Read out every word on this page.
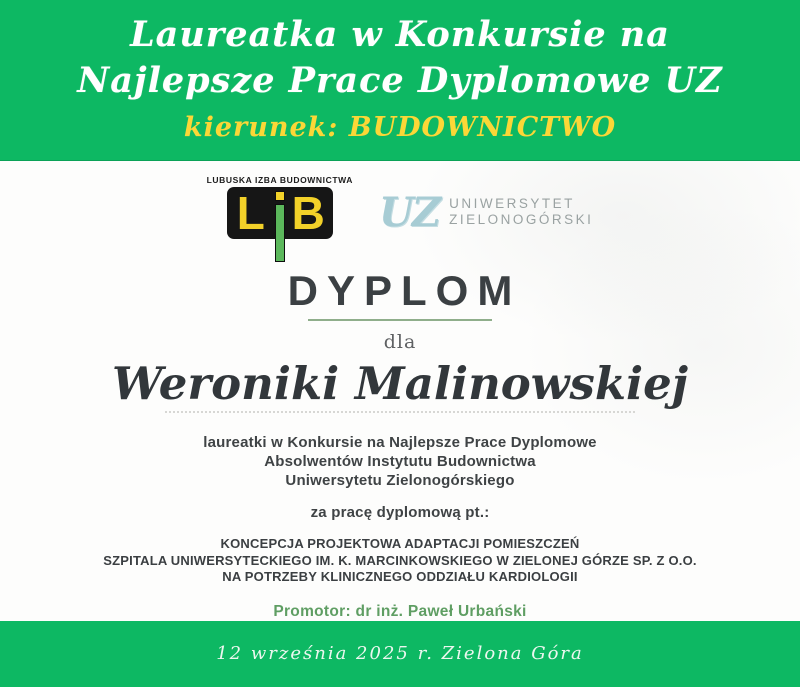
Laureatka w Konkursie na
Najlepsze Prace Dyplomowe UZ
kierunek: BUDOWNICTWO
LUBUSKA IZBA BUDOWNICTWA
L B UZ UNIWERSYTET
ZIELONOGÓRSKI
DYPLOM
dla
Weroniki Malinowskiej
laureatki w Konkursie na Najlepsze Prace Dyplomowe
Absolwentów Instytutu Budownictwa
Uniwersytetu Zielonogórskiego
za pracę dyplomową pt.:
KONCEPCJA PROJEKTOWA ADAPTACJI POMIESZCZEŃ
SZPITALA UNIWERSYTECKIEGO IM. K. MARCINKOWSKIEGO W ZIELONEJ GÓRZE SP. Z O.O.
NA POTRZEBY KLINICZNEGO ODDZIAŁU KARDIOLOGII
Promotor: dr inż. Paweł Urbański
12 września 2025 r. Zielona Góra
